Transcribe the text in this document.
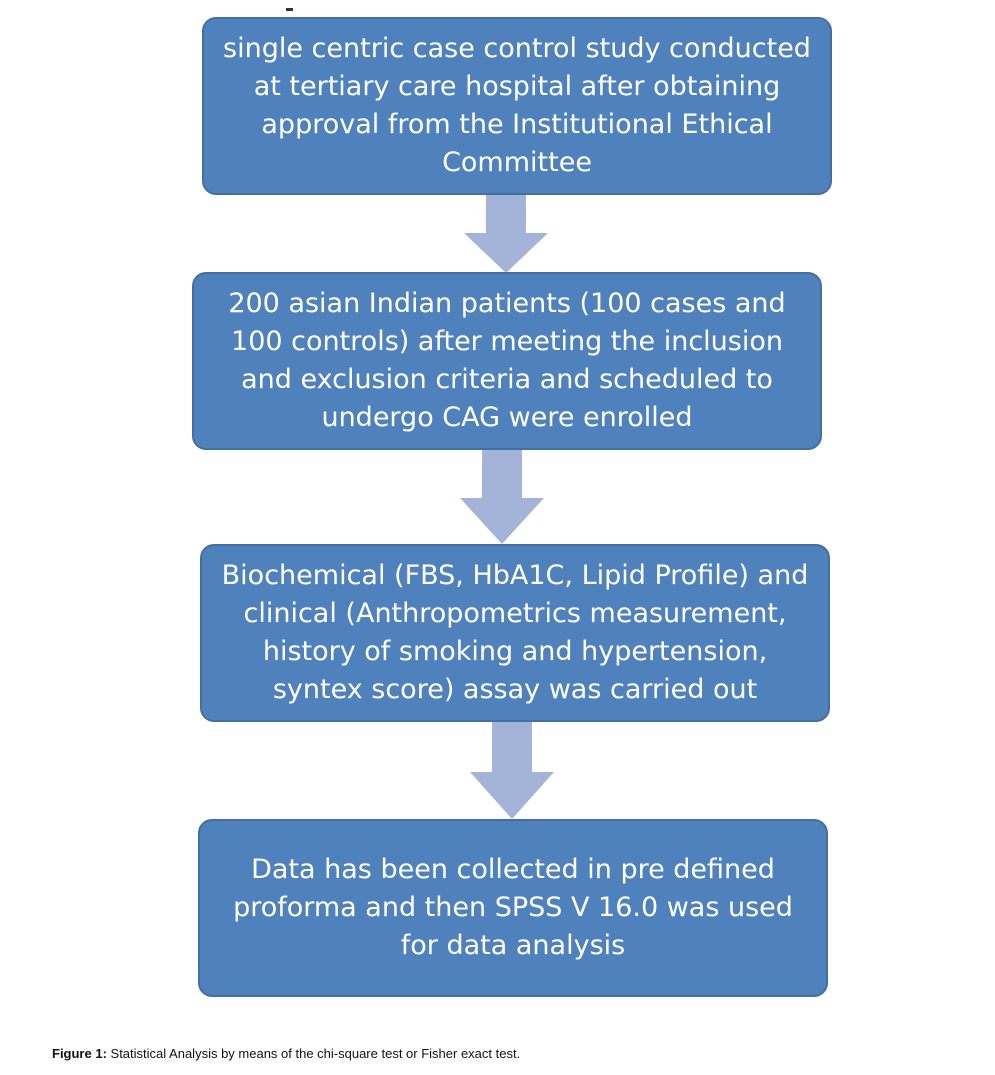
single centric case control study conducted at tertiary care hospital after obtaining approval from the Institutional Ethical Committee
200 asian Indian patients (100 cases and 100 controls) after meeting the inclusion and exclusion criteria and scheduled to undergo CAG were enrolled
Biochemical (FBS, HbA1C, Lipid Profile) and clinical (Anthropometrics measurement, history of smoking and hypertension, syntex score) assay was carried out
Data has been collected in pre defined proforma and then SPSS V 16.0 was used for data analysis
Figure 1: Statistical Analysis by means of the chi-square test or Fisher exact test.
